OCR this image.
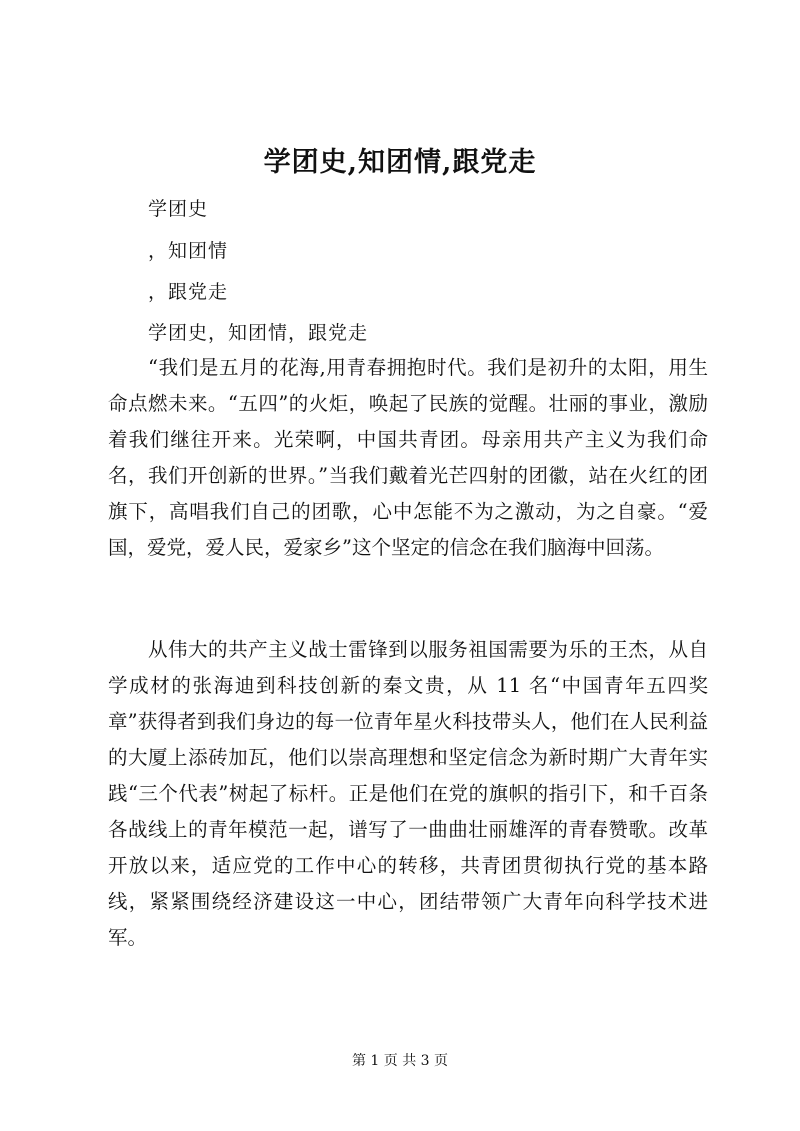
学团史,知团情,跟党走
学团史
，知团情
，跟党走
学团史，知团情，跟党走

“我们是五月的花海,用青春拥抱时代。我们是初升的太阳，用生命点燃未来。“五四”的火炬，唤起了民族的觉醒。壮丽的事业，激励着我们继往开来。光荣啊，中国共青团。母亲用共产主义为我们命名，我们开创新的世界。”当我们戴着光芒四射的团徽，站在火红的团旗下，高唱我们自己的团歌，心中怎能不为之激动，为之自豪。“爱国，爱党，爱人民，爱家乡”这个坚定的信念在我们脑海中回荡。

从伟大的共产主义战士雷锋到以服务祖国需要为乐的王杰，从自学成材的张海迪到科技创新的秦文贵，从 11 名“中国青年五四奖章”获得者到我们身边的每一位青年星火科技带头人，他们在人民利益的大厦上添砖加瓦，他们以崇高理想和坚定信念为新时期广大青年实践“三个代表”树起了标杆。正是他们在党的旗帜的指引下，和千百条各战线上的青年模范一起，谱写了一曲曲壮丽雄浑的青春赞歌。改革开放以来，适应党的工作中心的转移，共青团贯彻执行党的基本路线，紧紧围绕经济建设这一中心，团结带领广大青年向科学技术进军。

第 1 页 共 3 页
